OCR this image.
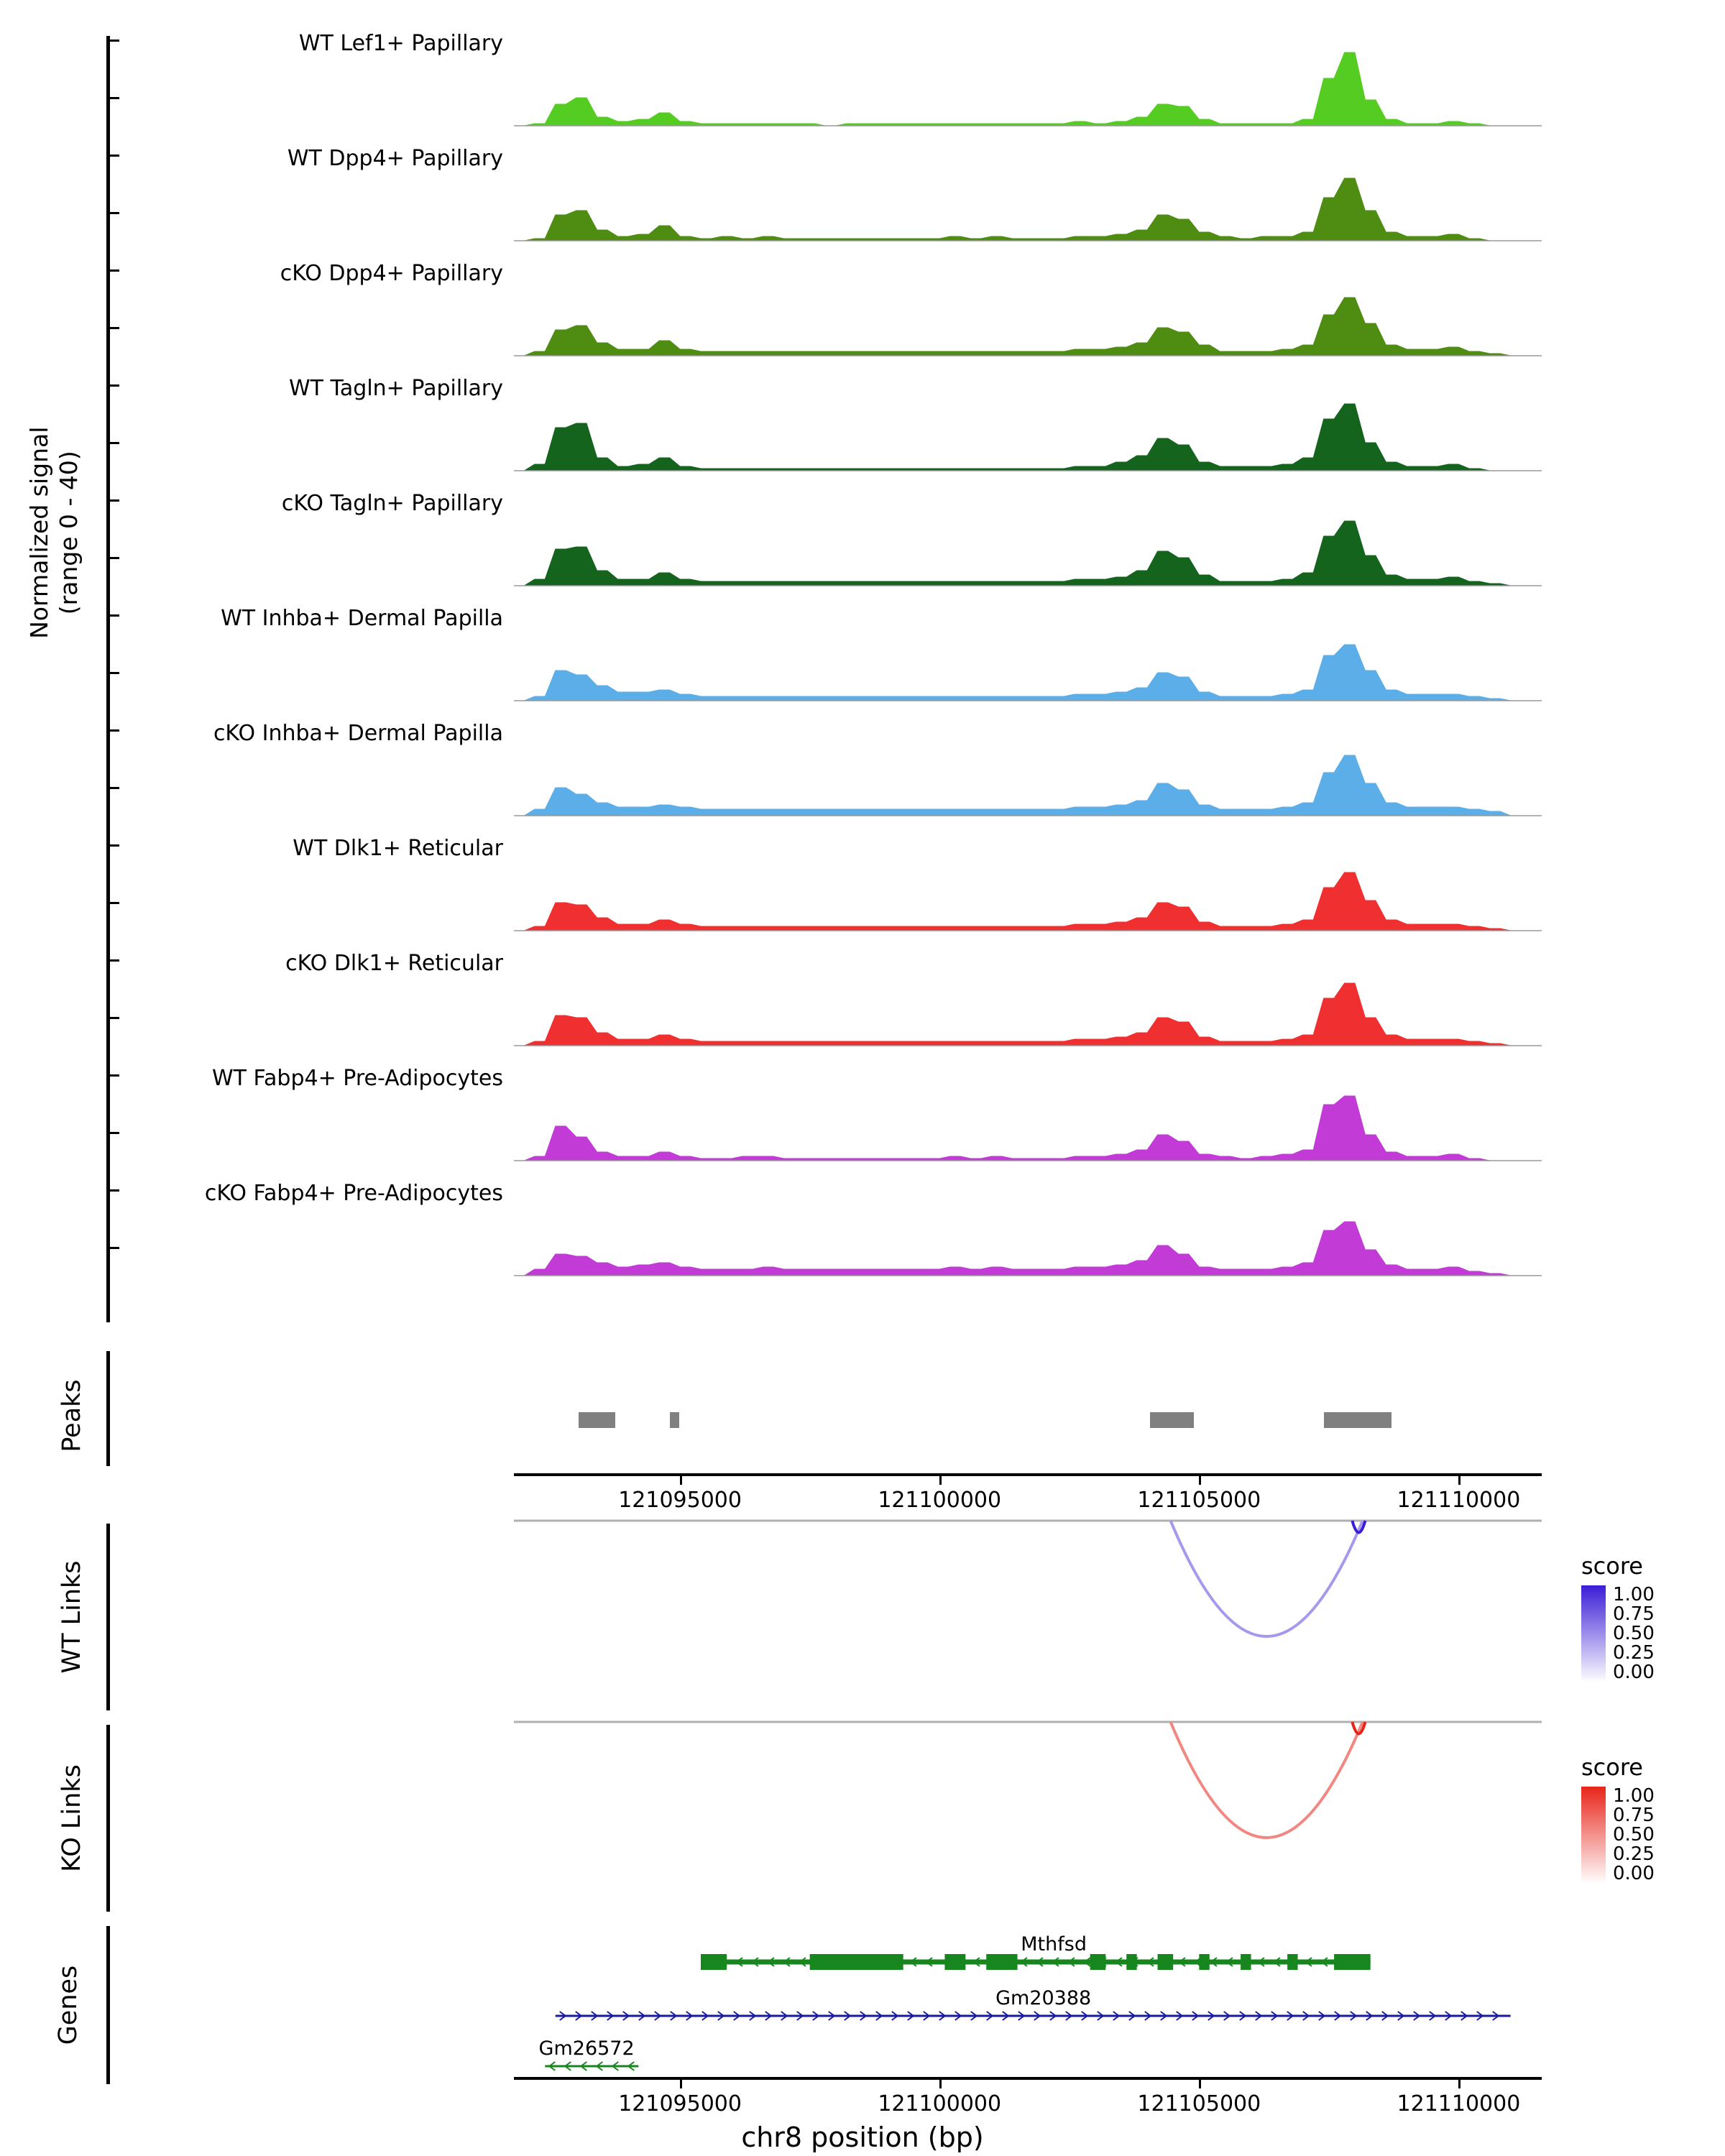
Normalized signal (range 0 - 40)
WT Lef1+ Papillary
WT Dpp4+ Papillary
cKO Dpp4+ Papillary
WT Tagln+ Papillary
cKO Tagln+ Papillary
WT Inhba+ Dermal Papilla
cKO Inhba+ Dermal Papilla
WT Dlk1+ Reticular
cKO Dlk1+ Reticular
WT Fabp4+ Pre-Adipocytes
cKO Fabp4+ Pre-Adipocytes
Peaks
121095000	121100000	121105000	121110000
WT Links	score
1.00
0.75
0.50
0.25
0.00
KO Links	score
1.00
0.75
0.50
0.25
0.00
Genes
Mthfsd
Gm20388
Gm26572
chr8 position (bp)
121095000	121100000	121105000	121110000
